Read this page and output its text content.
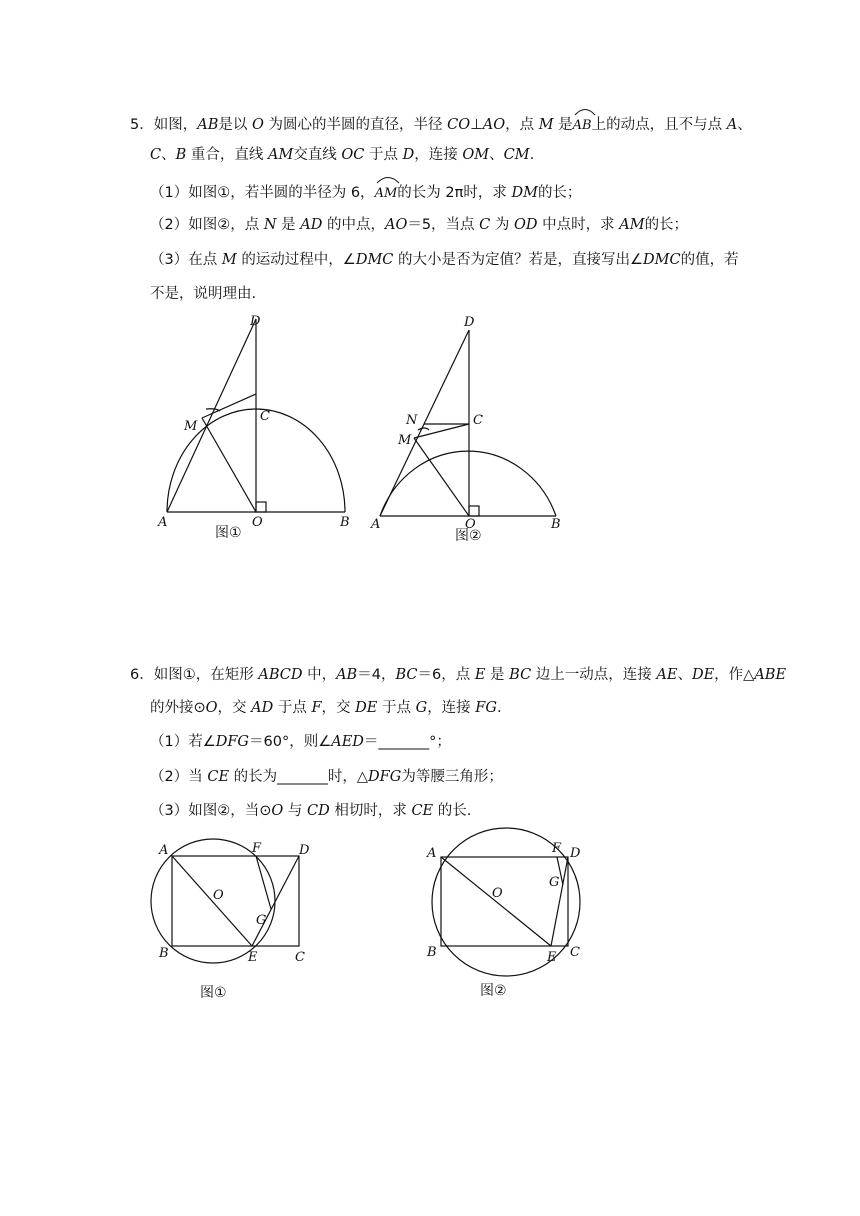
5．如图，AB是以 O 为圆心的半圆的直径，半径 CO⊥AO，点 M 是
AB上的动点，且不与点 A、
C、B 重合，直线 AM交直线 OC 于点 D，连接 OM、CM.
（1）如图①，若半圆的半径为 6，
AM的长为 2π时，求 DM的长；
（2）如图②，点 N 是 AD 的中点，AO＝5，当点 C 为 OD 中点时，求 AM的长；
（3）在点 M 的运动过程中，∠DMC 的大小是否为定值？若是，直接写出∠DMC的值，若
不是，说明理由.
D
C
M
A	O	B
图①
D
C
N
M
A	O	B
图②
6．如图①，在矩形 ABCD 中，AB＝4，BC＝6，点 E 是 BC 边上一动点，连接 AE、DE，作△ABE
的外接⊙O，交 AD 于点 F，交 DE 于点 G，连接 FG.
（1）若∠DFG＝60°，则∠AED＝_______°；
（2）当 CE 的长为_______时，△DFG为等腰三角形；
（3）如图②，当⊙O 与 CD 相切时，求 CE 的长.
A	F	D
O
G
B	E	C
图①
A	F D
O
G
B	E C
图②
